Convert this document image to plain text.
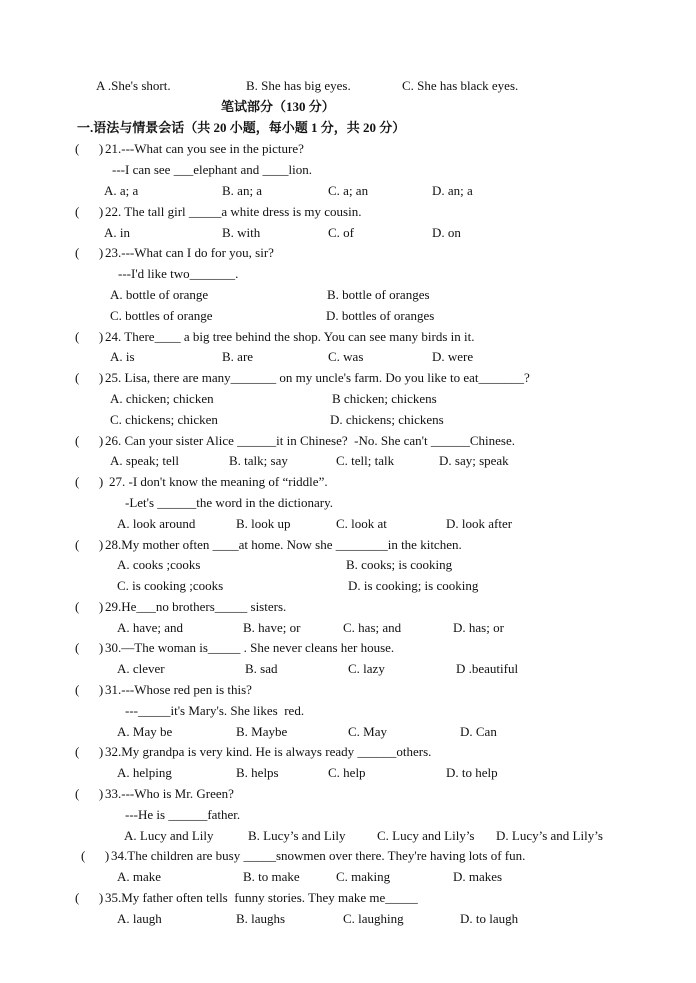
A .She's short.	B. She has big eyes.	C. She has black eyes.
笔试部分（130 分）
一.语法与情景会话（共 20 小题，每小题 1 分，共 20 分）
(      ) 21.---What can you see in the picture?
---I can see ___elephant and ____lion.
A. a; a	B. an; a	C. a; an	D. an; a
(      ) 22. The tall girl _____a white dress is my cousin.
A. in	B. with	C. of	D. on
(      ) 23.---What can I do for you, sir?
---I'd like two_______.
A. bottle of orange	B. bottle of oranges
C. bottles of orange	D. bottles of oranges
(      ) 24. There____ a big tree behind the shop. You can see many birds in it.
A. is	B. are	C. was	D. were
(      ) 25. Lisa, there are many_______ on my uncle's farm. Do you like to eat_______?
A. chicken; chicken	B chicken; chickens
C. chickens; chicken	D. chickens; chickens
(      ) 26. Can your sister Alice ______it in Chinese?  -No. She can't ______Chinese.
A. speak; tell	B. talk; say	C. tell; talk	D. say; speak
(      ) 27. -I don't know the meaning of “riddle”.
-Let's ______the word in the dictionary.
A. look around	B. look up	C. look at	D. look after
(      ) 28.My mother often ____at home. Now she ________in the kitchen.
A. cooks ;cooks	B. cooks; is cooking
C. is cooking ;cooks	D. is cooking; is cooking
(      ) 29.He___no brothers_____ sisters.
A. have; and	B. have; or	C. has; and	D. has; or
(      ) 30.—The woman is_____ . She never cleans her house.
A. clever	B. sad	C. lazy	D .beautiful
(      ) 31.---Whose red pen is this?
---_____it's Mary's. She likes  red.
A. May be	B. Maybe	C. May	D. Can
(      ) 32.My grandpa is very kind. He is always ready ______others.
A. helping	B. helps	C. help	D. to help
(      ) 33.---Who is Mr. Green?
---He is ______father.
A. Lucy and Lily	B. Lucy’s and Lily C. Lucy and Lily’s D. Lucy’s and Lily’s
(      ) 34.The children are busy _____snowmen over there. They're having lots of fun.
A. make	B. to make	C. making	D. makes
(      ) 35.My father often tells  funny stories. They make me_____
A. laugh	B. laughs	C. laughing	D. to laugh
